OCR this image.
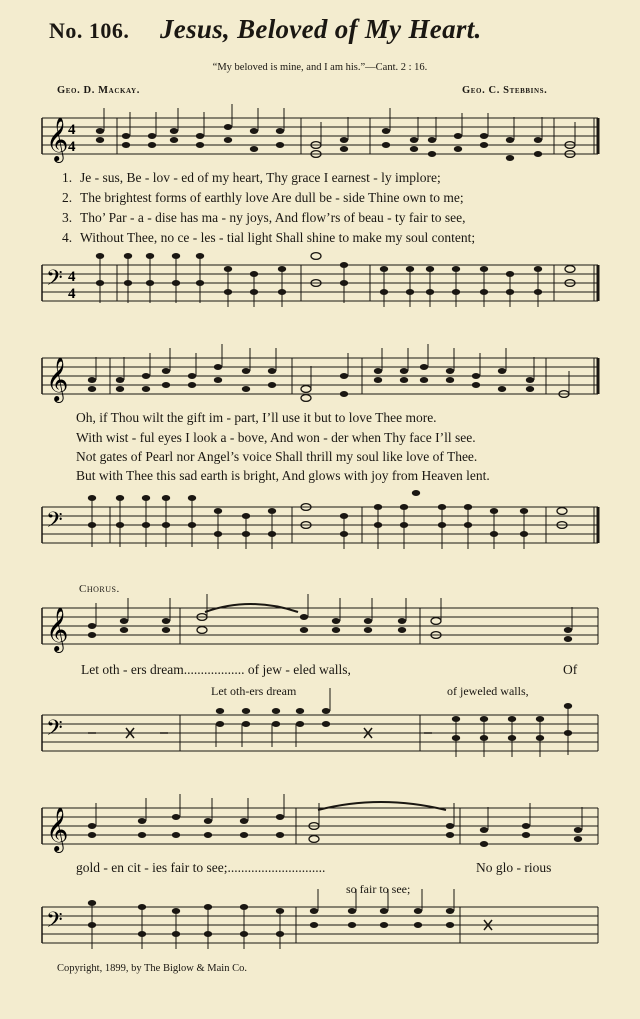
No. 106. Jesus, Beloved of My Heart.
“My beloved is mine, and I am his.”—Cant. 2 : 16.
Geo. D. Mackay.	Geo. C. Stebbins.
𝄞 4
4
1. Je - sus, Be - lov - ed of my heart, Thy grace I earnest - ly implore;
2. The brightest forms of earthly love Are dull be - side Thine own to me;
3. Tho’ Par - a - dise has ma - ny joys, And flow’rs of beau - ty fair to see,
4. Without Thee, no ce - les - tial light Shall shine to make my soul content;
𝄢 4
4
𝄞
Oh, if Thou wilt the gift im - part, I’ll use it but to love Thee more.
With wist - ful eyes I look a - bove, And won - der when Thy face I’ll see.
Not gates of Pearl nor Angel’s voice Shall thrill my soul like love of Thee.
But with Thee this sad earth is bright, And glows with joy from Heaven lent.
𝄢
Chorus.
𝄞
Let oth - ers dream.................. of jew - eled walls,	Of
Let oth-ers dream	of jeweled walls,
𝄢
𝄞
gold - en cit - ies fair to see;.............................	No glo - rious
so fair to see;
𝄢
Copyright, 1899, by The Biglow & Main Co.
